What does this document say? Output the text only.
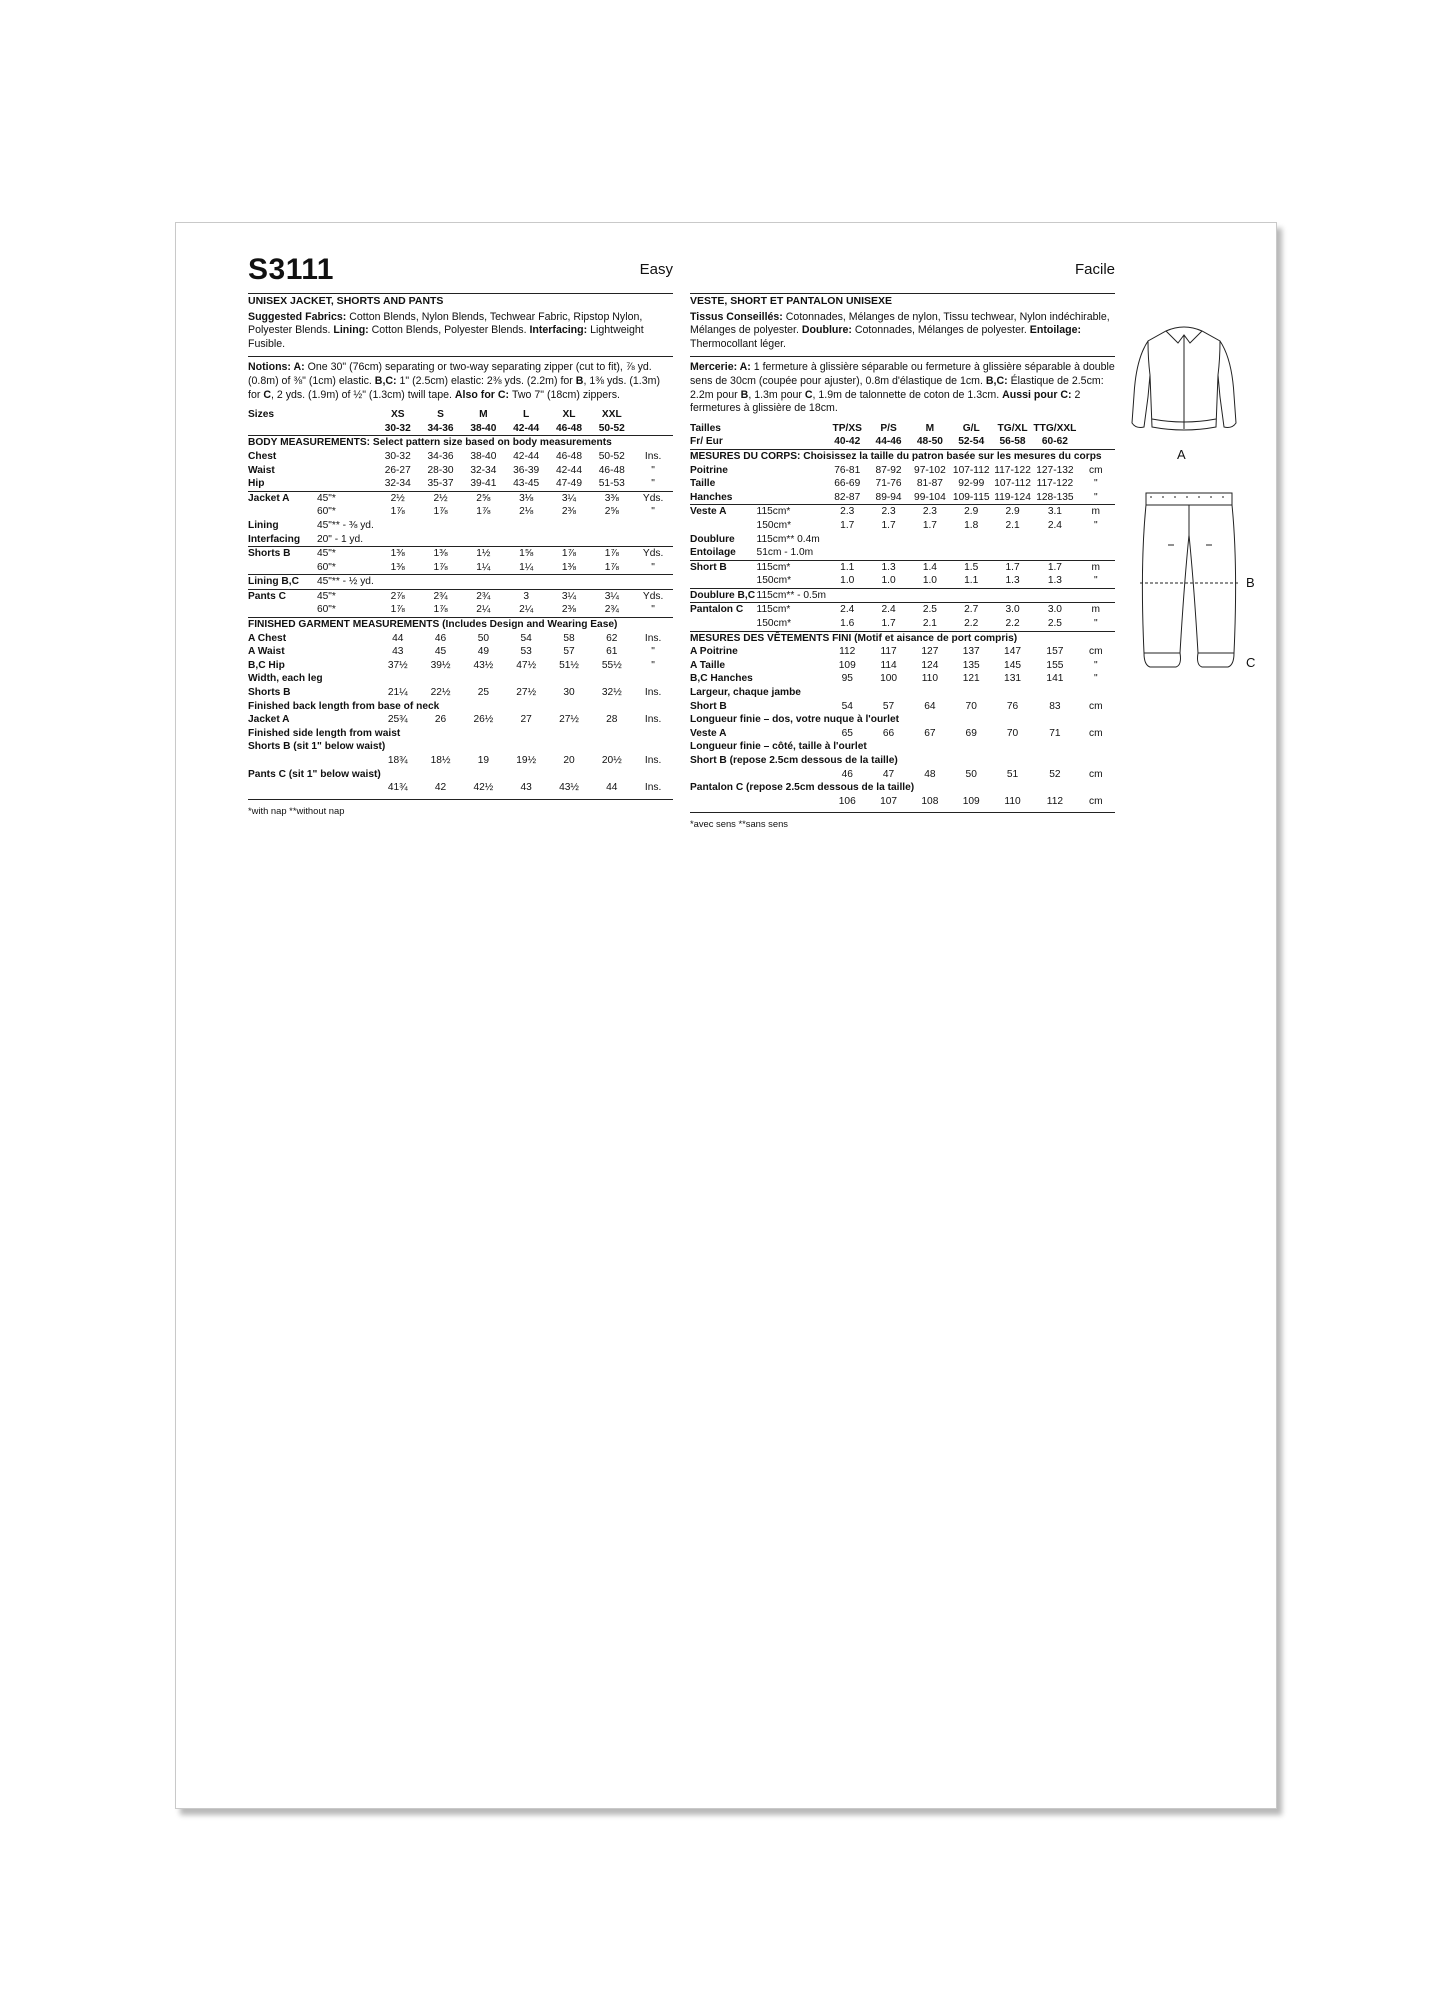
S3111	Easy
UNISEX JACKET, SHORTS AND PANTS
Suggested Fabrics: Cotton Blends, Nylon Blends, Techwear Fabric, Ripstop Nylon, Polyester Blends. Lining: Cotton Blends, Polyester Blends. Interfacing: Lightweight Fusible.
Notions: A: One 30" (76cm) separating or two-way separating zipper (cut to fit), ⅞ yd. (0.8m) of ⅜" (1cm) elastic. B,C: 1" (2.5cm) elastic: 2⅜ yds. (2.2m) for B, 1⅜ yds. (1.3m) for C, 2 yds. (1.9m) of ½" (1.3cm) twill tape. Also for C: Two 7" (18cm) zippers.
Sizes		XS	S	M	L	XL	XXL	
		30-32	34-36	38-40	42-44	46-48	50-52	
BODY MEASUREMENTS: Select pattern size based on body measurements								
Chest		30-32	34-36	38-40	42-44	46-48	50-52	Ins.
Waist		26-27	28-30	32-34	36-39	42-44	46-48	"
Hip		32-34	35-37	39-41	43-45	47-49	51-53	"
Jacket A	45"*	2½	2½	2⅝	3⅛	3¼	3⅜	Yds.
	60"*	1⅞	1⅞	1⅞	2⅛	2⅜	2⅝	"
Lining	45"** - ⅜ yd.							
Interfacing	20" - 1 yd.							
Shorts B	45"*	1⅜	1⅜	1½	1⅝	1⅞	1⅞	Yds.
	60"*	1⅜	1⅞	1¼	1¼	1⅜	1⅞	"
Lining B,C	45"** - ½ yd.							
Pants C	45"*	2⅞	2¾	2¾	3	3¼	3¼	Yds.
	60"*	1⅞	1⅞	2¼	2¼	2⅜	2¾	"
FINISHED GARMENT MEASUREMENTS (Includes Design and Wearing Ease)								
A Chest		44	46	50	54	58	62	Ins.
A Waist		43	45	49	53	57	61	"
B,C Hip		37½	39½	43½	47½	51½	55½	"
Width, each leg								
Shorts B		21¼	22½	25	27½	30	32½	Ins.
Finished back length from base of neck								
Jacket A		25¾	26	26½	27	27½	28	Ins.
Finished side length from waist								
Shorts B (sit 1" below waist)								
		18¾	18½	19	19½	20	20½	Ins.
Pants C (sit 1" below waist)								
		41¾	42	42½	43	43½	44	Ins.
*with nap **without nap
Facile
VESTE, SHORT ET PANTALON UNISEXE
Tissus Conseillés: Cotonnades, Mélanges de nylon, Tissu techwear, Nylon indéchirable, Mélanges de polyester. Doublure: Cotonnades, Mélanges de polyester. Entoilage: Thermocollant léger.
Mercerie: A: 1 fermeture à glissière séparable ou fermeture à glissière séparable à double sens de 30cm (coupée pour ajuster), 0.8m d'élastique de 1cm. B,C: Élastique de 2.5cm: 2.2m pour B, 1.3m pour C, 1.9m de talonnette de coton de 1.3cm. Aussi pour C: 2 fermetures à glissière de 18cm.
Tailles		TP/XS	P/S	M	G/L	TG/XL	TTG/XXL	
Fr/ Eur		40-42	44-46	48-50	52-54	56-58	60-62	
MESURES DU CORPS: Choisissez la taille du patron basée sur les mesures du corps								
Poitrine		76-81	87-92	97-102	107-112	117-122	127-132	cm
Taille		66-69	71-76	81-87	92-99	107-112	117-122	"
Hanches		82-87	89-94	99-104	109-115	119-124	128-135	"
Veste A	115cm*	2.3	2.3	2.3	2.9	2.9	3.1	m
	150cm*	1.7	1.7	1.7	1.8	2.1	2.4	"
Doublure	115cm** 0.4m							
Entoilage	51cm - 1.0m							
Short B	115cm*	1.1	1.3	1.4	1.5	1.7	1.7	m
	150cm*	1.0	1.0	1.0	1.1	1.3	1.3	"
Doublure B,C	115cm** - 0.5m							
Pantalon C	115cm*	2.4	2.4	2.5	2.7	3.0	3.0	m
	150cm*	1.6	1.7	2.1	2.2	2.2	2.5	"
MESURES DES VÊTEMENTS FINI (Motif et aisance de port compris)								
A Poitrine		112	117	127	137	147	157	cm
A Taille		109	114	124	135	145	155	"
B,C Hanches		95	100	110	121	131	141	"
Largeur, chaque jambe								
Short B		54	57	64	70	76	83	cm
Longueur finie – dos, votre nuque à l'ourlet								
Veste A		65	66	67	69	70	71	cm
Longueur finie – côté, taille à l'ourlet								
Short B (repose 2.5cm dessous de la taille)								
		46	47	48	50	51	52	cm
Pantalon C (repose 2.5cm dessous de la taille)								
		106	107	108	109	110	112	cm
*avec sens **sans sens
A
B
C
